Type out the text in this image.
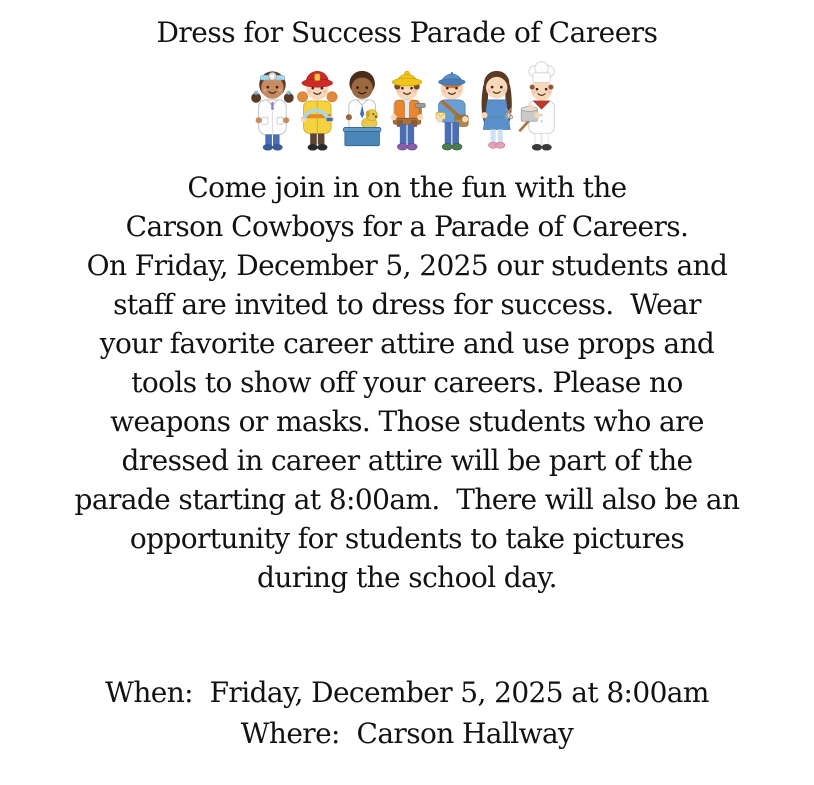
Dress for Success Parade of Careers
Come join in on the fun with the
Carson Cowboys for a Parade of Careers.
On Friday, December 5, 2025 our students and
staff are invited to dress for success.  Wear
your favorite career attire and use props and
tools to show off your careers. Please no
weapons or masks. Those students who are
dressed in career attire will be part of the
parade starting at 8:00am.  There will also be an
opportunity for students to take pictures
during the school day.
When:  Friday, December 5, 2025 at 8:00am
Where:  Carson Hallway
